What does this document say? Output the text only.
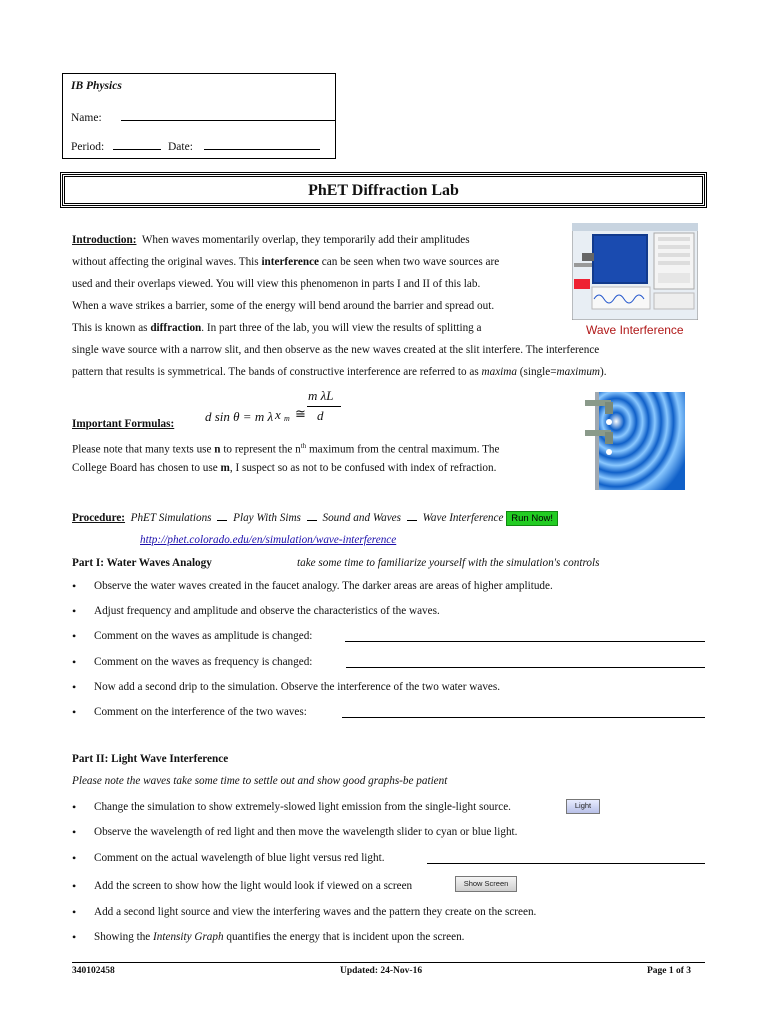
IB Physics
Name:
Period:	Date:
PhET Diffraction Lab
Introduction: When waves momentarily overlap, they temporarily add their amplitudes
without affecting the original waves. This interference can be seen when two wave sources are
used and their overlaps viewed. You will view this phenomenon in parts I and II of this lab.
When a wave strikes a barrier, some of the energy will bend around the barrier and spread out.
This is known as diffraction. In part three of the lab, you will view the results of splitting a
single wave source with a narrow slit, and then observe as the new waves created at the slit interfere. The interference
pattern that results is symmetrical. The bands of constructive interference are referred to as maxima (single=maximum).
Wave Interference
Important Formulas: d sin θ = m λ x m ≅
m λL
d
Please note that many texts use n to represent the $n^{th}$ maximum from the central maximum. The
College Board has chosen to use m, I suspect so as not to be confused with index of refraction.
Procedure: PhET Simulations Play With Sims Sound and Waves Wave Interference Run Now!
http://phet.colorado.edu/en/simulation/wave-interference
Part I: Water Waves Analogy	take some time to familiarize yourself with the simulation's controls
• Observe the water waves created in the faucet analogy. The darker areas are areas of higher amplitude.
• Adjust frequency and amplitude and observe the characteristics of the waves.
• Comment on the waves as amplitude is changed:
• Comment on the waves as frequency is changed:
• Now add a second drip to the simulation. Observe the interference of the two water waves.
• Comment on the interference of the two waves:
Part II: Light Wave Interference
Please note the waves take some time to settle out and show good graphs-be patient
• Change the simulation to show extremely-slowed light emission from the single-light source.	Light
• Observe the wavelength of red light and then move the wavelength slider to cyan or blue light.
• Comment on the actual wavelength of blue light versus red light.
• Add the screen to show how the light would look if viewed on a screen	Show Screen
• Add a second light source and view the interfering waves and the pattern they create on the screen.
• Showing the Intensity Graph quantifies the energy that is incident upon the screen.
340102458	Updated: 24-Nov-16	Page 1 of 3
